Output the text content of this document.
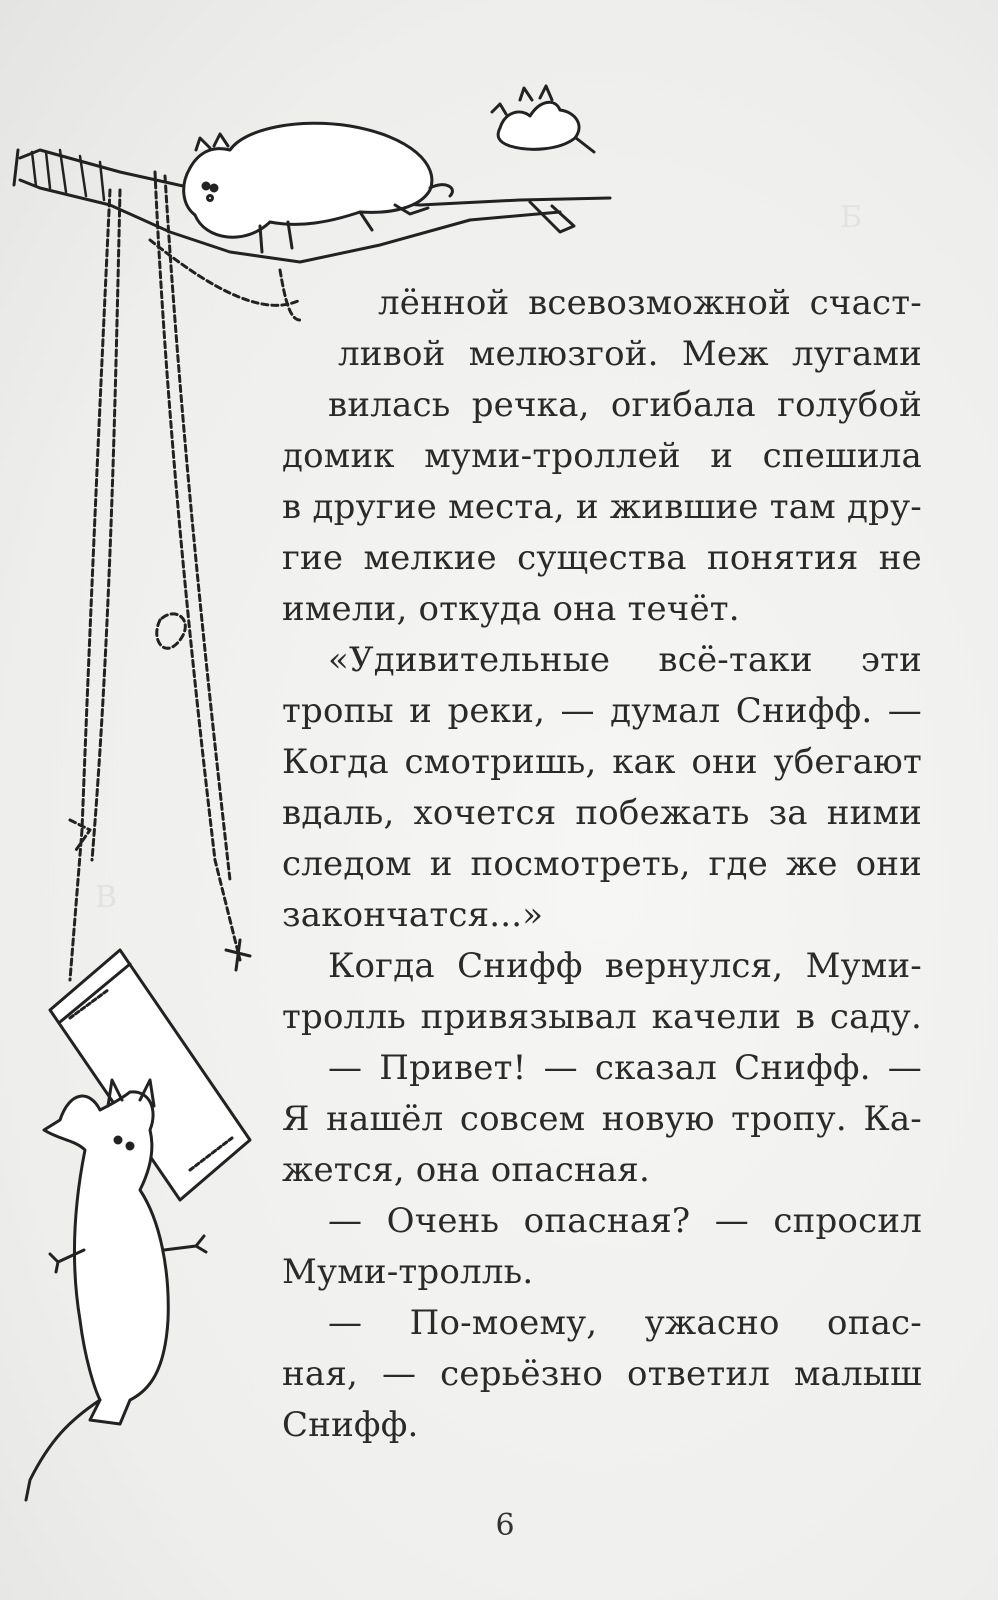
Б
В
лённой всевозможной счаст-
ливой мелюзгой. Меж лугами
вилась речка, огибала голубой
домик муми-троллей и спешила
в другие места, и жившие там дру-
гие мелкие существа понятия не
имели, откуда она течёт.
«Удивительные всё-таки эти
тропы и реки, — думал Снифф. —
Когда смотришь, как они убегают
вдаль, хочется побежать за ними
следом и посмотреть, где же они
закончатся...»
Когда Снифф вернулся, Муми-
тролль привязывал качели в саду.
— Привет! — сказал Снифф. —
Я нашёл совсем новую тропу. Ка-
жется, она опасная.
— Очень опасная? — спросил
Муми-тролль.
— По-моему, ужасно опас-
ная, — серьёзно ответил малыш
Снифф.
6
